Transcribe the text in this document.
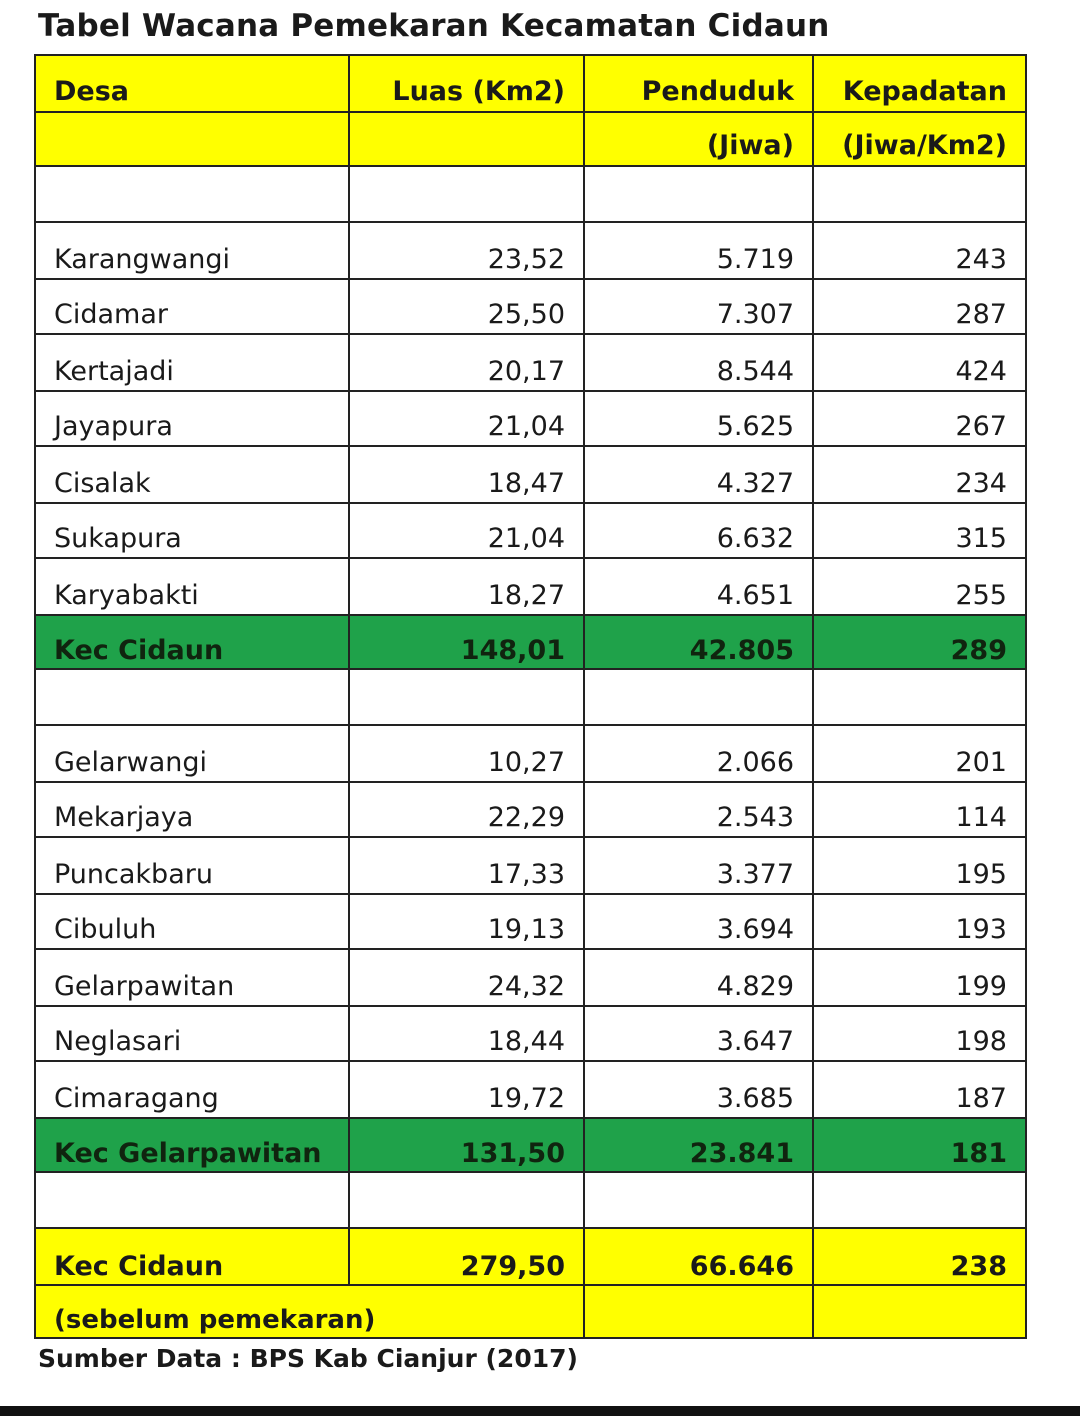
Tabel Wacana Pemekaran Kecamatan Cidaun
Desa	Luas (Km2)	Penduduk	Kepadatan
		(Jiwa)	(Jiwa/Km2)

Karangwangi	23,52	5.719	243
Cidamar	25,50	7.307	287
Kertajadi	20,17	8.544	424
Jayapura	21,04	5.625	267
Cisalak	18,47	4.327	234
Sukapura	21,04	6.632	315
Karyabakti	18,27	4.651	255
Kec Cidaun	148,01	42.805	289

Gelarwangi	10,27	2.066	201
Mekarjaya	22,29	2.543	114
Puncakbaru	17,33	3.377	195
Cibuluh	19,13	3.694	193
Gelarpawitan	24,32	4.829	199
Neglasari	18,44	3.647	198
Cimaragang	19,72	3.685	187
Kec Gelarpawitan	131,50	23.841	181

Kec Cidaun	279,50	66.646	238
(sebelum pemekaran)			
Sumber Data : BPS Kab Cianjur (2017)
